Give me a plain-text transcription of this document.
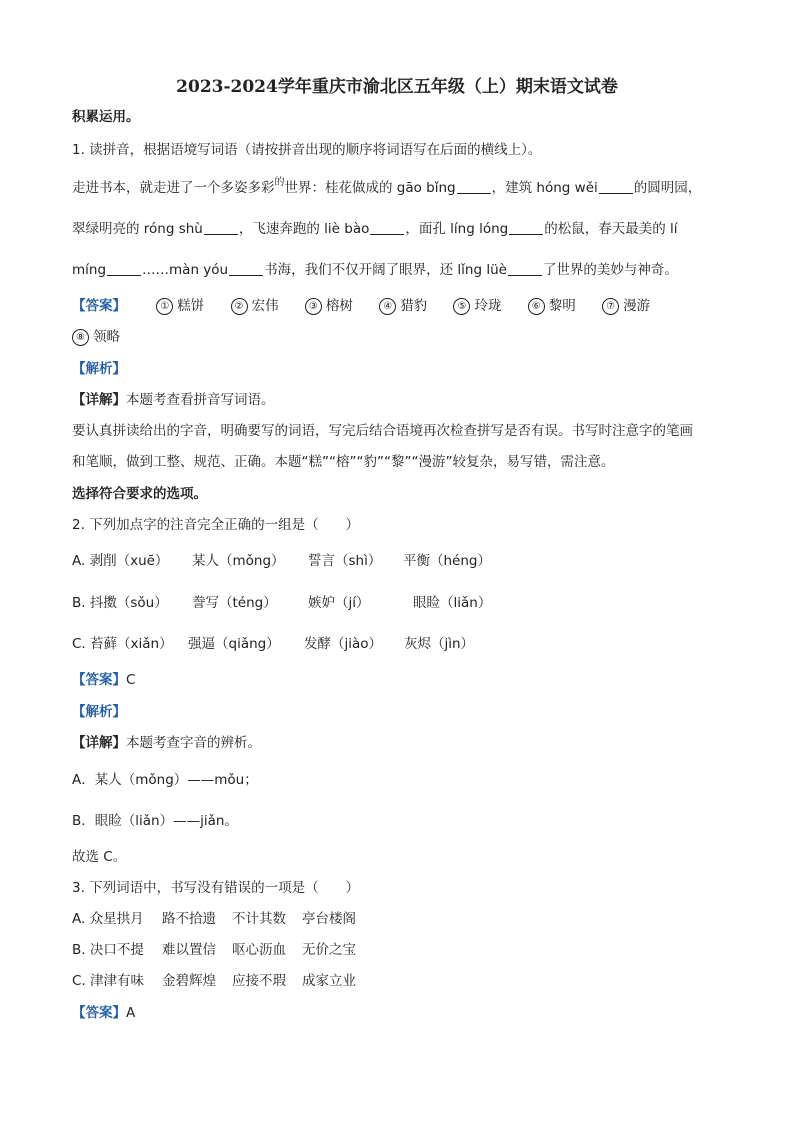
2023-2024学年重庆市渝北区五年级（上）期末语文试卷
积累运用。
1. 读拼音，根据语境写词语（请按拼音出现的顺序将词语写在后面的横线上）。
走进书本，就走进了一个多姿多彩$^的$世界：桂花做成的 gāo bǐng	，建筑 hóng wěi	的圆明园，
翠绿明亮的 róng shù	，飞速奔跑的 liè bào	，面孔 líng lóng	的松鼠，春天最美的 lí
míng	……màn yóu	书海，我们不仅开阔了眼界，还 lǐng lüè	了世界的美妙与神奇。
【答案】	① 糕饼	② 宏伟	③ 榕树	④ 猎豹	⑤ 玲珑	⑥ 黎明	⑦ 漫游
⑧ 领略
【解析】
【详解】本题考查看拼音写词语。
要认真拼读给出的字音，明确要写的词语，写完后结合语境再次检查拼写是否有误。书写时注意字的笔画
和笔顺，做到工整、规范、正确。本题“糕”“榕”“豹”“黎”“漫游”较复杂，易写错，需注意。
选择符合要求的选项。
2. 下列加点字的注音完全正确的一组是（　　）
A. 剥削（xuē） 某人（mǒng） 誓言（shì） 平衡（héng）
B. 抖擞（sǒu） 誊写（téng） 嫉妒（jí）	眼睑（liǎn）
C. 苔藓（xiǎn） 强逼（qiǎng） 发酵（jiào） 灰烬（jìn）
【答案】C
【解析】
【详解】本题考查字音的辨析。
A．某人（mǒng）——mǒu；
B．眼睑（liǎn）——jiǎn。
故选 C。
3. 下列词语中，书写没有错误的一项是（　　）
A. 众星拱月 路不拾遗 不计其数 亭台楼阁
B. 决口不提 难以置信 呕心沥血 无价之宝
C. 津津有味 金碧辉煌 应接不瑕 成家立业
【答案】A
